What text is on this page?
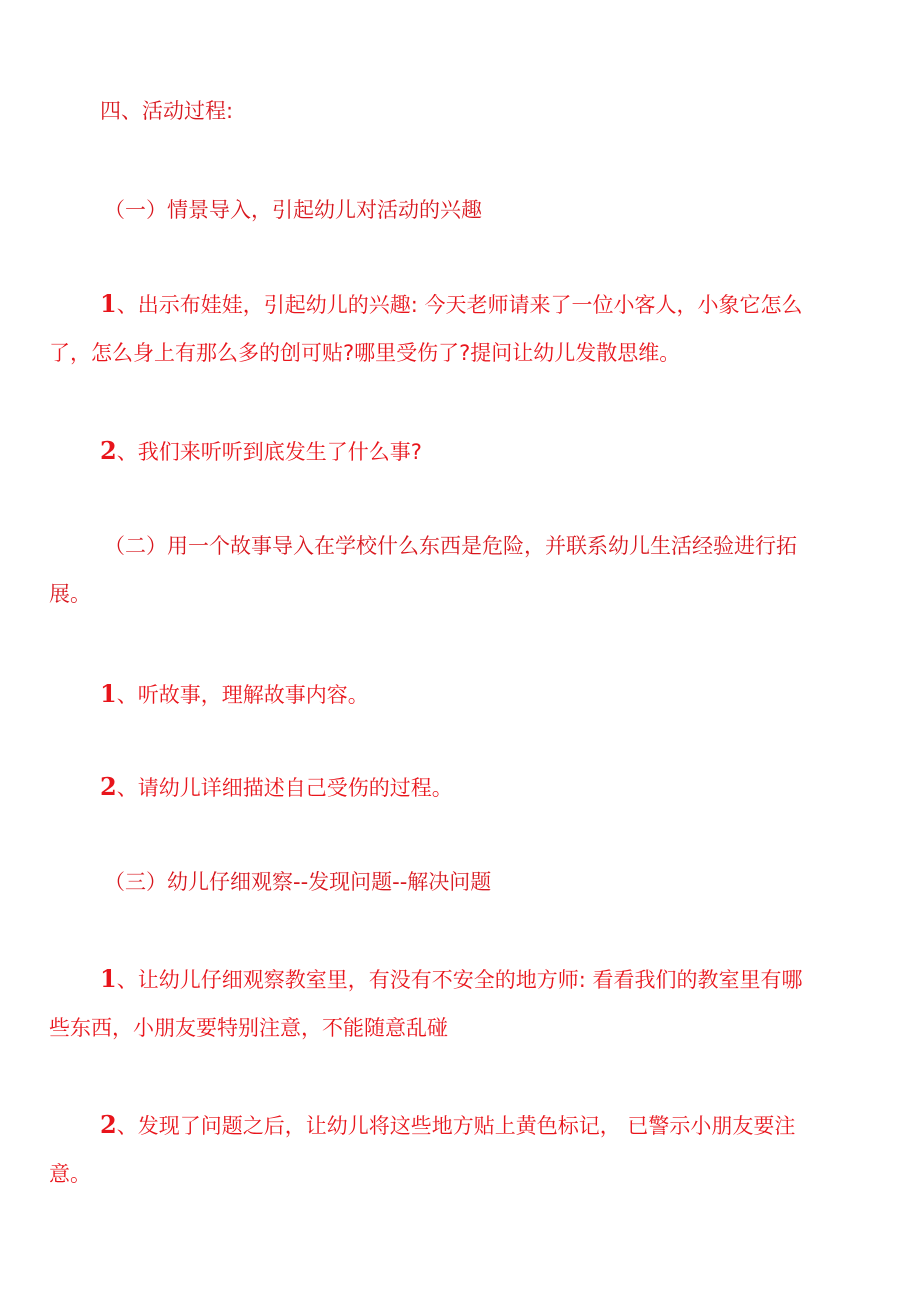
四、活动过程:
（一）情景导入，引起幼儿对活动的兴趣
1、出示布娃娃，引起幼儿的兴趣: 今天老师请来了一位小客人，小象它怎么
了，怎么身上有那么多的创可贴?哪里受伤了?提问让幼儿发散思维。
2、我们来听听到底发生了什么事?
（二）用一个故事导入在学校什么东西是危险，并联系幼儿生活经验进行拓
展。
1、听故事，理解故事内容。
2、请幼儿详细描述自己受伤的过程。
（三）幼儿仔细观察--发现问题--解决问题
1、让幼儿仔细观察教室里，有没有不安全的地方师: 看看我们的教室里有哪
些东西，小朋友要特别注意，不能随意乱碰
2、发现了问题之后，让幼儿将这些地方贴上黄色标记， 已警示小朋友要注
意。
